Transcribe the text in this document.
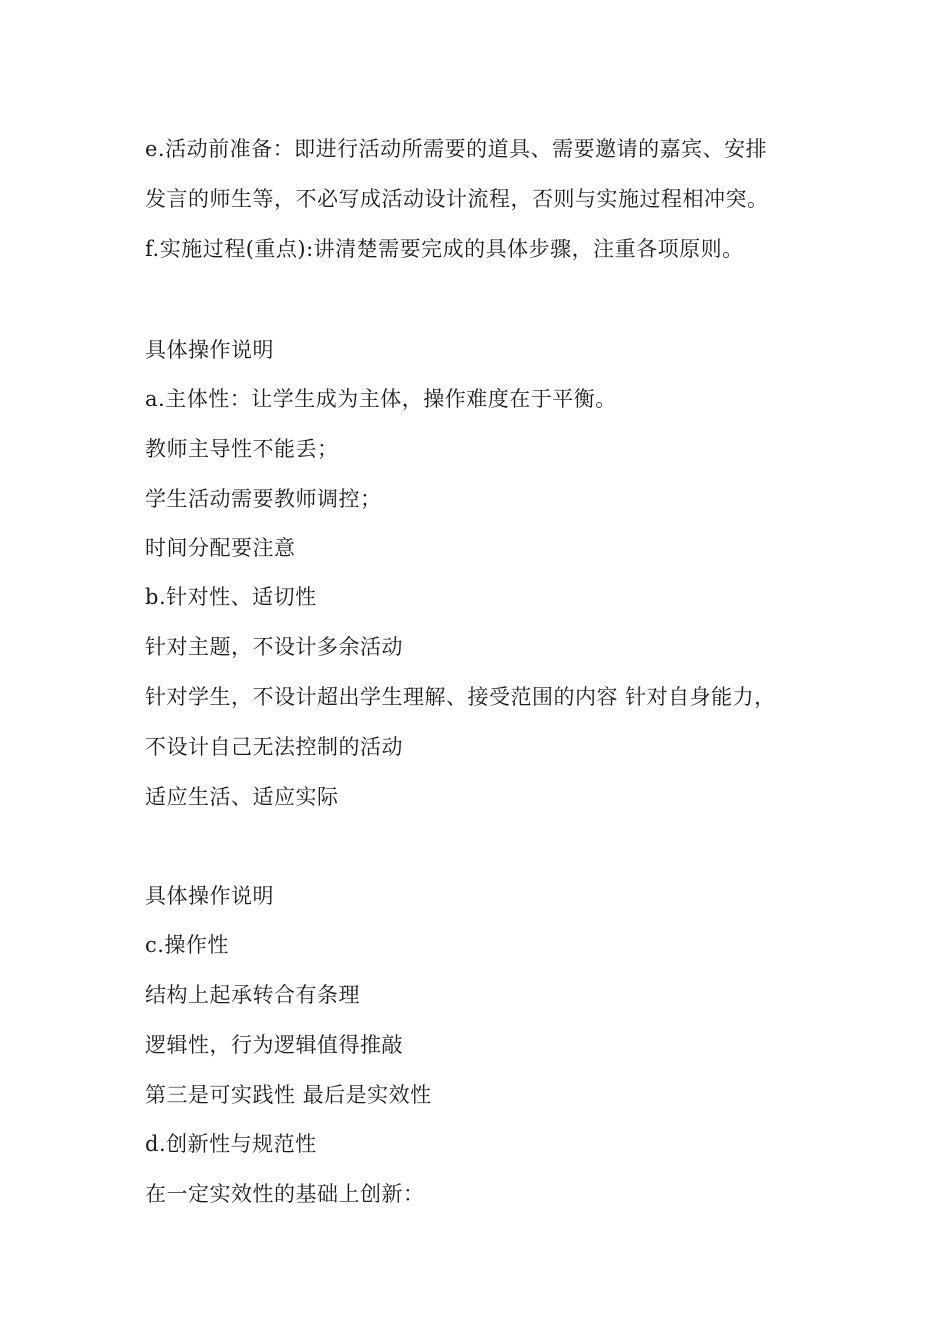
e.活动前准备：即进行活动所需要的道具、需要邀请的嘉宾、安排
发言的师生等，不必写成活动设计流程，否则与实施过程相冲突。
f.实施过程(重点):讲清楚需要完成的具体步骤，注重各项原则。
具体操作说明
a.主体性：让学生成为主体，操作难度在于平衡。
教师主导性不能丢；
学生活动需要教师调控；
时间分配要注意
b.针对性、适切性
针对主题，不设计多余活动
针对学生，不设计超出学生理解、接受范围的内容 针对自身能力，
不设计自己无法控制的活动
适应生活、适应实际
具体操作说明
c.操作性
结构上起承转合有条理
逻辑性，行为逻辑值得推敲
第三是可实践性 最后是实效性
d.创新性与规范性
在一定实效性的基础上创新：
